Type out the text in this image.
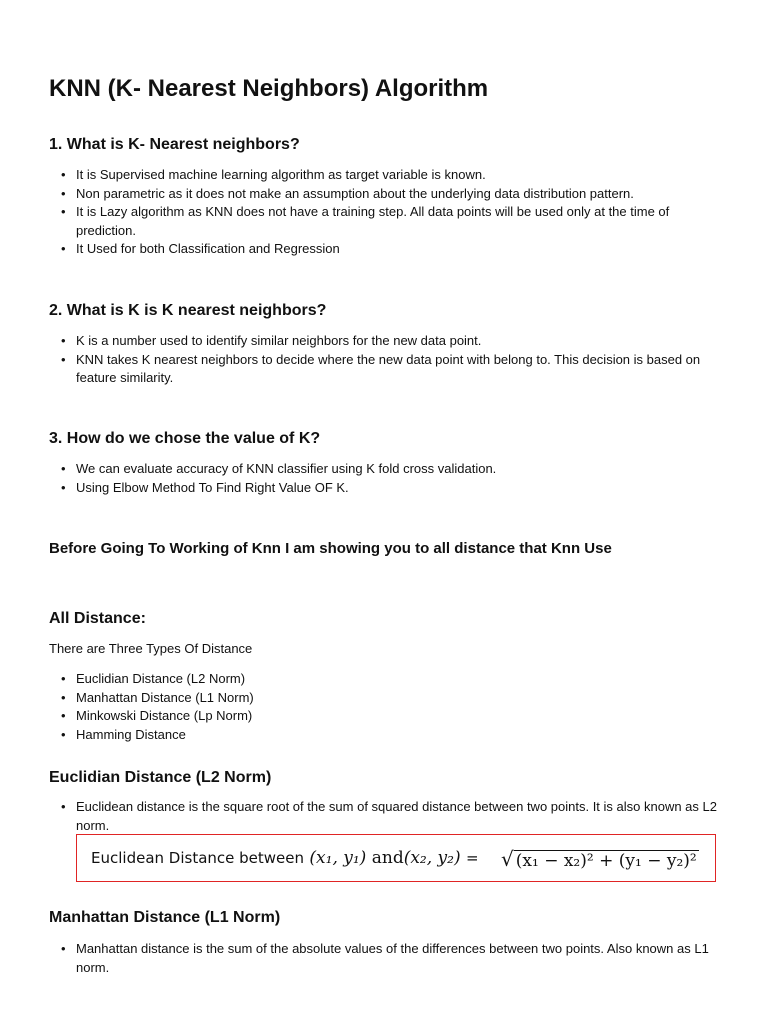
KNN (K- Nearest Neighbors) Algorithm
1. What is K- Nearest neighbors?
• It is Supervised machine learning algorithm as target variable is known.
• Non parametric as it does not make an assumption about the underlying data distribution pattern.
• It is Lazy algorithm as KNN does not have a training step. All data points will be used only at the time of prediction.
• It Used for both Classification and Regression
2. What is K is K nearest neighbors?
• K is a number used to identify similar neighbors for the new data point.
• KNN takes K nearest neighbors to decide where the new data point with belong to. This decision is based on feature similarity.
3. How do we chose the value of K?
• We can evaluate accuracy of KNN classifier using K fold cross validation.
• Using Elbow Method To Find Right Value OF K.
Before Going To Working of Knn I am showing you to all distance that Knn Use
All Distance:

There are Three Types Of Distance

• Euclidian Distance (L2 Norm)
• Manhattan Distance (L1 Norm)
• Minkowski Distance (Lp Norm)
• Hamming Distance
Euclidian Distance (L2 Norm)
• Euclidean distance is the square root of the sum of squared distance between two points. It is also known as L2 norm.
Euclidean Distance between (x₁, y₁) and(x₂, y₂) = √ (x₁ − x₂)² + (y₁ − y₂)²
Manhattan Distance (L1 Norm)
• Manhattan distance is the sum of the absolute values of the differences between two points. Also known as L1 norm.
